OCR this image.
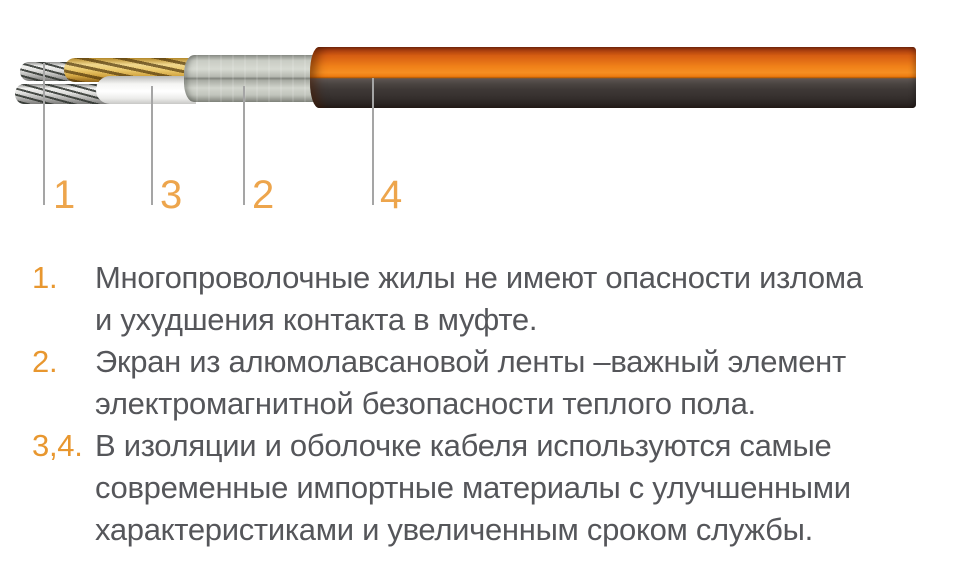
1 3 2	4
1. Многопроволочные жилы не имеют опасности излома
и ухудшения контакта в муфте.
2. Экран из алюмолавсановой ленты –важный элемент
электромагнитной безопасности теплого пола.
3,4. В изоляции и оболочке кабеля используются самые
современные импортные материалы с улучшенными
характеристиками и увеличенным сроком службы.
